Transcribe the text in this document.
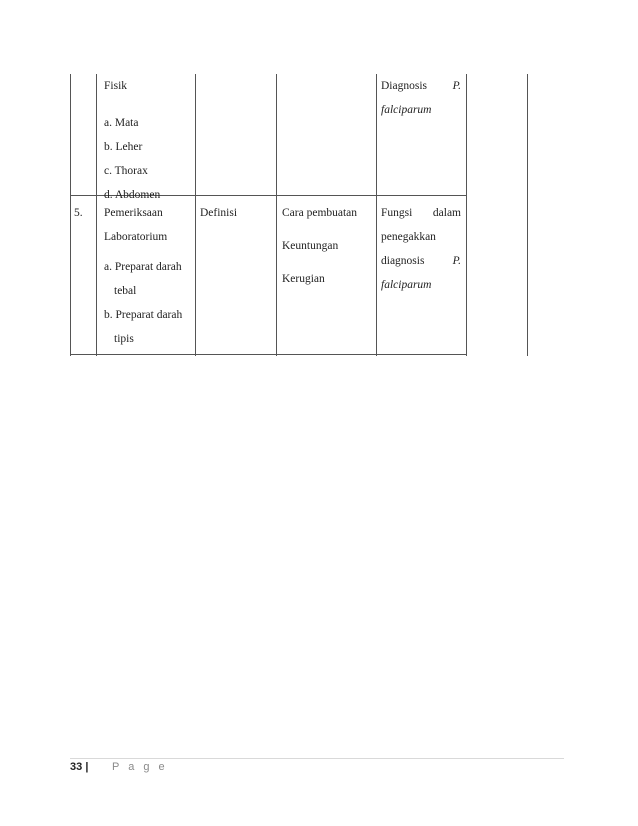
Fisik
a. Mata
b. Leher
c. Thorax
d. Abdomen
Diagnosis P.
falciparum
5. Pemeriksaan
Laboratorium
a. Preparat darah
tebal
b. Preparat darah
tipis
Definisi	Cara pembuatan
Keuntungan
Kerugian
Fungsi dalam
penegakkan
diagnosis P.
falciparum
33 | P a g e
